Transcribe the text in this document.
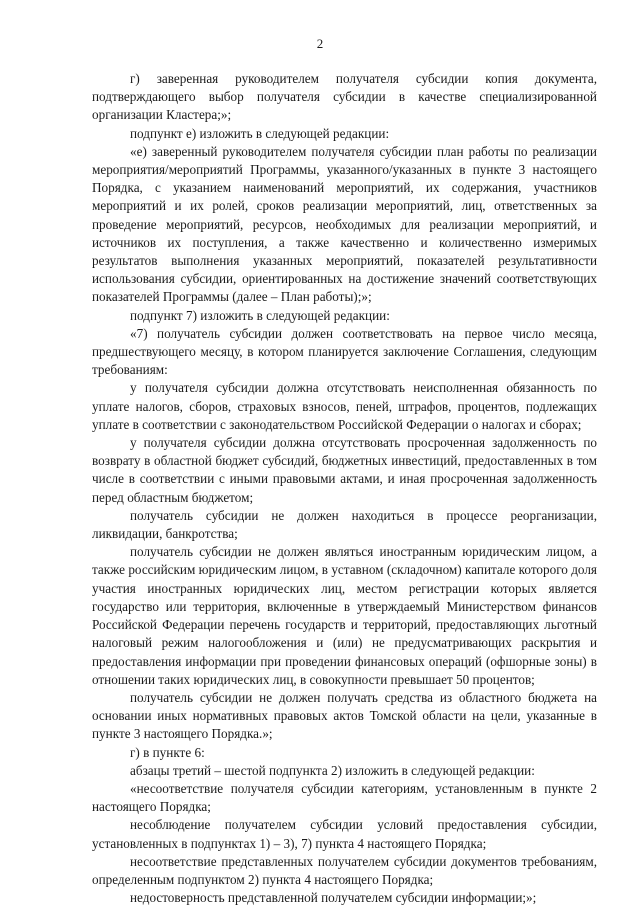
2

г) заверенная руководителем получателя субсидии копия документа, подтверждающего выбор получателя субсидии в качестве специализированной организации Кластера;»;

подпункт е) изложить в следующей редакции:

«е) заверенный руководителем получателя субсидии план работы по реализации мероприятия/мероприятий Программы, указанного/указанных в пункте 3 настоящего Порядка, с указанием наименований мероприятий, их содержания, участников мероприятий и их ролей, сроков реализации мероприятий, лиц, ответственных за проведение мероприятий, ресурсов, необходимых для реализации мероприятий, и источников их поступления, а также качественно и количественно измеримых результатов выполнения указанных мероприятий, показателей результативности использования субсидии, ориентированных на достижение значений соответствующих показателей Программы (далее – План работы);»;

подпункт 7) изложить в следующей редакции:

«7) получатель субсидии должен соответствовать на первое число месяца, предшествующего месяцу, в котором планируется заключение Соглашения, следующим требованиям:

у получателя субсидии должна отсутствовать неисполненная обязанность по уплате налогов, сборов, страховых взносов, пеней, штрафов, процентов, подлежащих уплате в соответствии с законодательством Российской Федерации о налогах и сборах;

у получателя субсидии должна отсутствовать просроченная задолженность по возврату в областной бюджет субсидий, бюджетных инвестиций, предоставленных в том числе в соответствии с иными правовыми актами, и иная просроченная задолженность перед областным бюджетом;

получатель субсидии не должен находиться в процессе реорганизации, ликвидации, банкротства;

получатель субсидии не должен являться иностранным юридическим лицом, а также российским юридическим лицом, в уставном (складочном) капитале которого доля участия иностранных юридических лиц, местом регистрации которых является государство или территория, включенные в утверждаемый Министерством финансов Российской Федерации перечень государств и территорий, предоставляющих льготный налоговый режим налогообложения и (или) не предусматривающих раскрытия и предоставления информации при проведении финансовых операций (офшорные зоны) в отношении таких юридических лиц, в совокупности превышает 50 процентов;

получатель субсидии не должен получать средства из областного бюджета на основании иных нормативных правовых актов Томской области на цели, указанные в пункте 3 настоящего Порядка.»;

г) в пункте 6:

абзацы третий – шестой подпункта 2) изложить в следующей редакции:

«несоответствие получателя субсидии категориям, установленным в пункте 2 настоящего Порядка;

несоблюдение получателем субсидии условий предоставления субсидии, установленных в подпунктах 1) – 3), 7) пункта 4 настоящего Порядка;

несоответствие представленных получателем субсидии документов требованиям, определенным подпунктом 2) пункта 4 настоящего Порядка;

недостоверность представленной получателем субсидии информации;»;
